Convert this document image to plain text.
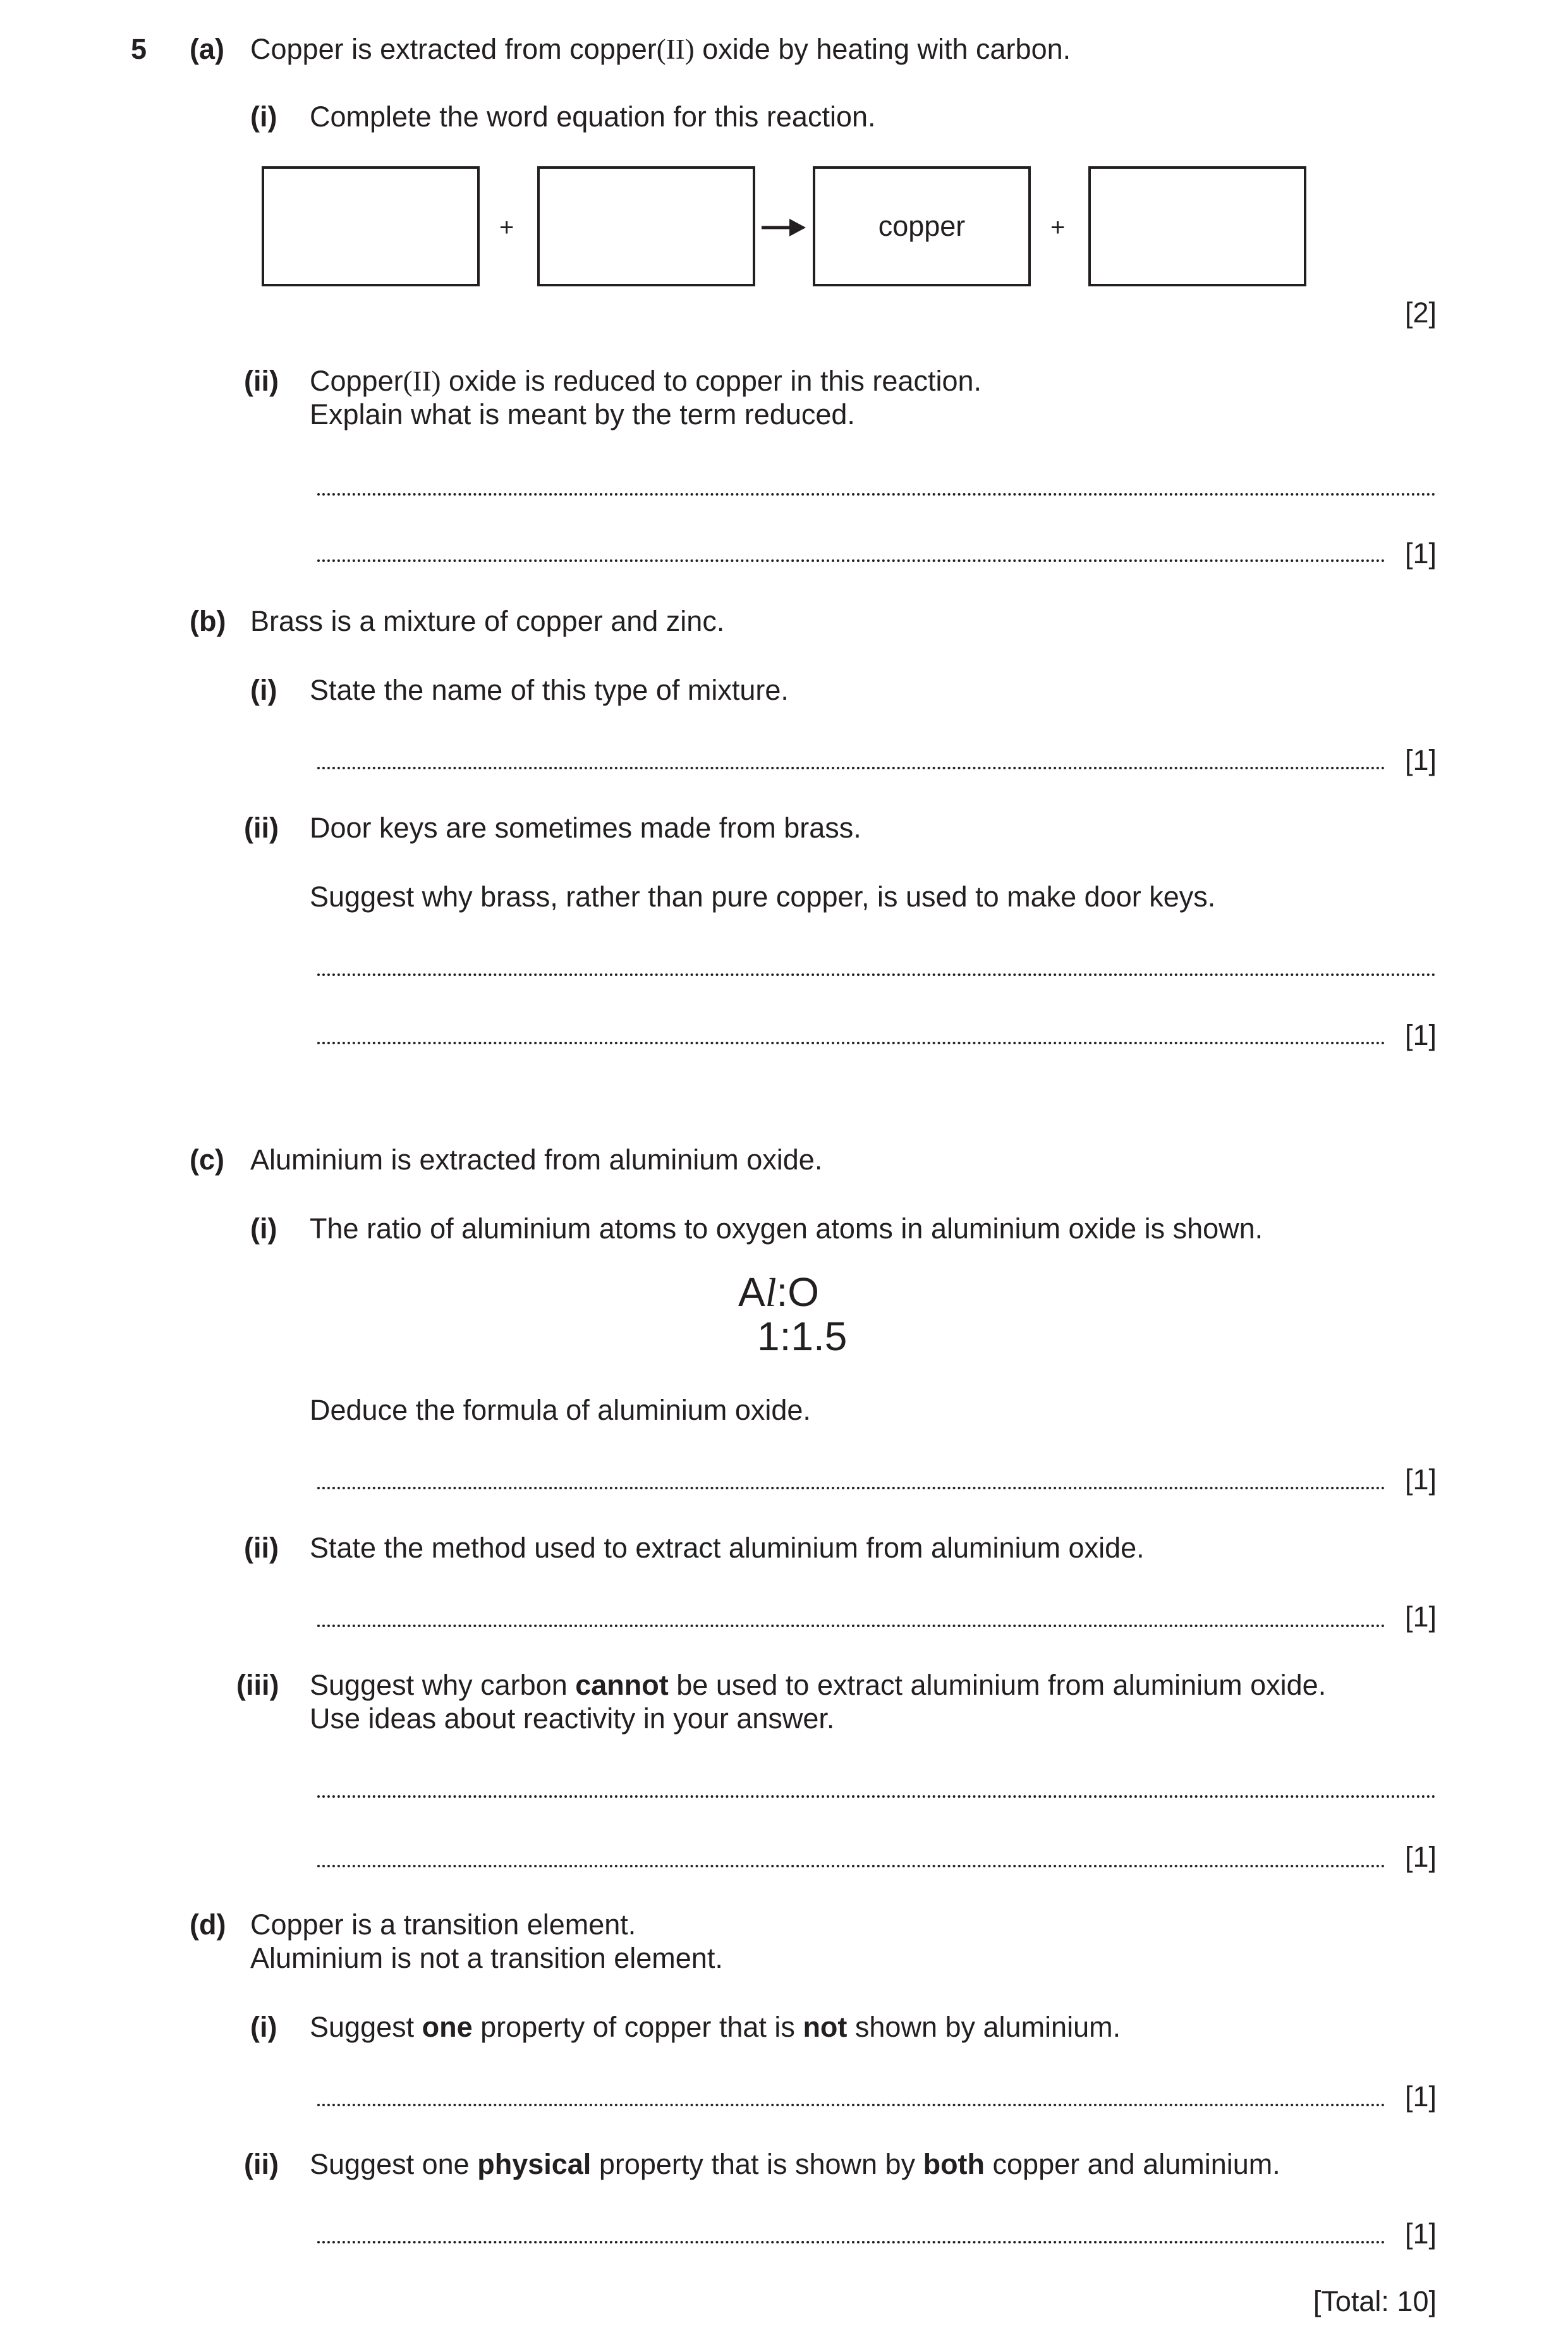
5 (a) Copper is extracted from copper(II) oxide by heating with carbon.
(i) Complete the word equation for this reaction.
+	copper	+
[2]
(ii) Copper(II) oxide is reduced to copper in this reaction.
Explain what is meant by the term reduced.
[1]
(b) Brass is a mixture of copper and zinc.
(i) State the name of this type of mixture.
[1]
(ii) Door keys are sometimes made from brass.
Suggest why brass, rather than pure copper, is used to make door keys.
[1]
(c) Aluminium is extracted from aluminium oxide.
(i) The ratio of aluminium atoms to oxygen atoms in aluminium oxide is shown.
Al:O
1:1.5
Deduce the formula of aluminium oxide.
[1]
(ii) State the method used to extract aluminium from aluminium oxide.
[1]
(iii) Suggest why carbon cannot be used to extract aluminium from aluminium oxide.
Use ideas about reactivity in your answer.
[1]
(d) Copper is a transition element.
Aluminium is not a transition element.
(i) Suggest one property of copper that is not shown by aluminium.
[1]
(ii) Suggest one physical property that is shown by both copper and aluminium.
[1]
[Total: 10]
